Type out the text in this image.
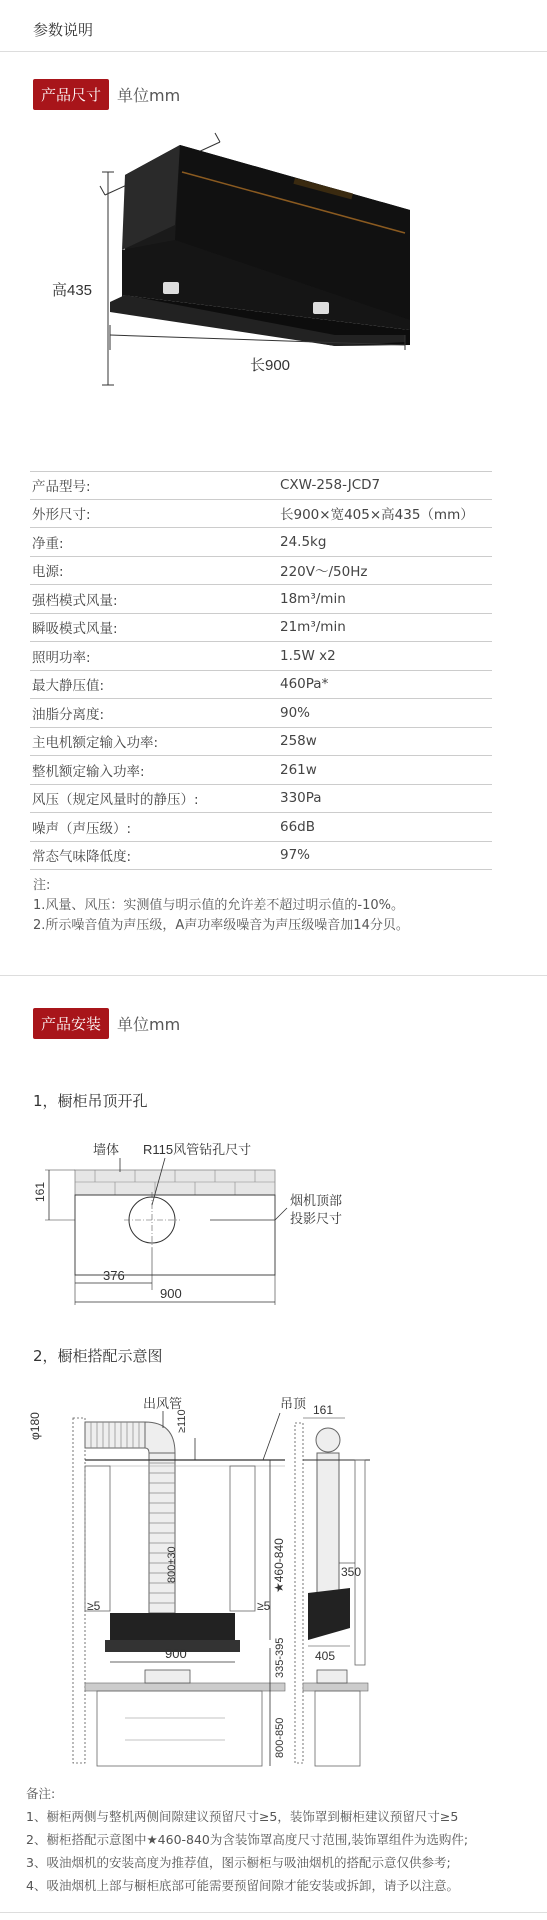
参数说明
产品尺寸	单位mm
高435
长900
产品型号:	CXW-258-JCD7
外形尺寸:	长900×宽405×高435（mm）
净重:	24.5kg
电源:	220V～/50Hz
强档模式风量:	18m³/min
瞬吸模式风量:	21m³/min
照明功率:	1.5W x2
最大静压值:	460Pa*
油脂分离度:	90%
主电机额定输入功率:	258w
整机额定输入功率:	261w
风压（规定风量时的静压）:	330Pa
噪声（声压级）:	66dB
常态气味降低度:	97%
注:
1.风量、风压：实测值与明示值的允许差不超过明示值的-10%。
2.所示噪音值为声压级，A声功率级噪音为声压级噪音加14分贝。
产品安装	单位mm
1，橱柜吊顶开孔
墙体 R115风管钻孔尺寸
烟机顶部
投影尺寸
161
376
900
2，橱柜搭配示意图
φ180
出风管
≥110
吊顶
★460-840
800±30
≥5	≥5
900	335-395
800-850
161
350
405
备注:
1、橱柜两侧与整机两侧间隙建议预留尺寸≥5，装饰罩到橱柜建议预留尺寸≥5
2、橱柜搭配示意图中★460-840为含装饰罩高度尺寸范围,装饰罩组件为选购件;
3、吸油烟机的安装高度为推荐值，图示橱柜与吸油烟机的搭配示意仅供参考;
4、吸油烟机上部与橱柜底部可能需要预留间隙才能安装或拆卸，请予以注意。
